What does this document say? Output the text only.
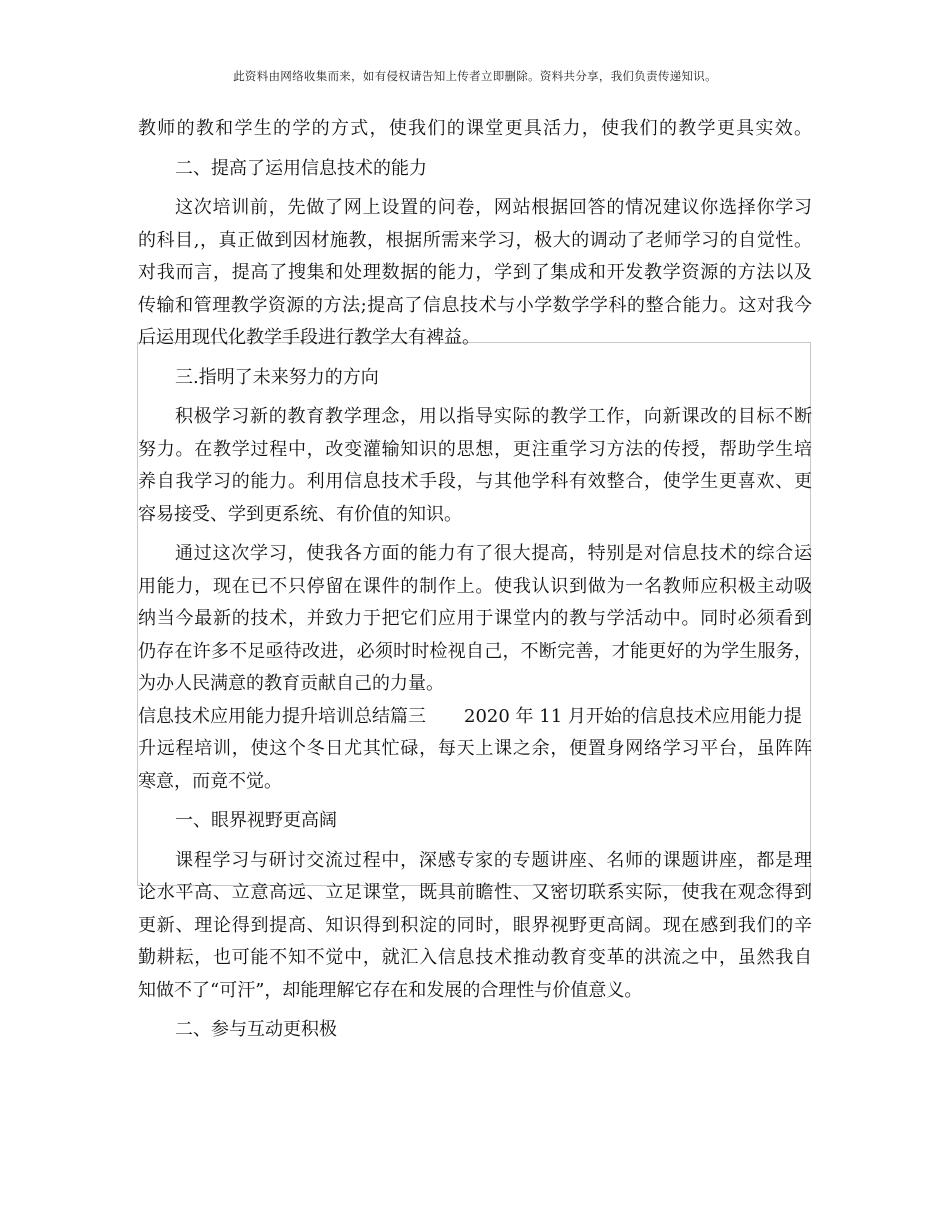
此资料由网络收集而来，如有侵权请告知上传者立即删除。资料共分享，我们负责传递知识。
教师的教和学生的学的方式，使我们的课堂更具活力，使我们的教学更具实效。
二、提高了运用信息技术的能力
这次培训前，先做了网上设置的问卷，网站根据回答的情况建议你选择你学习
的科目,，真正做到因材施教，根据所需来学习，极大的调动了老师学习的自觉性。
对我而言，提高了搜集和处理数据的能力，学到了集成和开发教学资源的方法以及
传输和管理教学资源的方法;提高了信息技术与小学数学学科的整合能力。这对我今
后运用现代化教学手段进行教学大有裨益。
三.指明了未来努力的方向
积极学习新的教育教学理念，用以指导实际的教学工作，向新课改的目标不断
努力。在教学过程中，改变灌输知识的思想，更注重学习方法的传授，帮助学生培
养自我学习的能力。利用信息技术手段，与其他学科有效整合，使学生更喜欢、更
容易接受、学到更系统、有价值的知识。
通过这次学习，使我各方面的能力有了很大提高，特别是对信息技术的综合运
用能力，现在已不只停留在课件的制作上。使我认识到做为一名教师应积极主动吸
纳当今最新的技术，并致力于把它们应用于课堂内的教与学活动中。同时必须看到
仍存在许多不足亟待改进，必须时时检视自己，不断完善，才能更好的为学生服务，
为办人民满意的教育贡献自己的力量。
信息技术应用能力提升培训总结篇三 2020 年 11 月开始的信息技术应用能力提
升远程培训，使这个冬日尤其忙碌，每天上课之余，便置身网络学习平台，虽阵阵
寒意，而竟不觉。
一、眼界视野更高阔
课程学习与研讨交流过程中，深感专家的专题讲座、名师的课题讲座，都是理
论水平高、立意高远、立足课堂，既具前瞻性、又密切联系实际，使我在观念得到
更新、理论得到提高、知识得到积淀的同时，眼界视野更高阔。现在感到我们的辛
勤耕耘，也可能不知不觉中，就汇入信息技术推动教育变革的洪流之中，虽然我自
知做不了“可汗”，却能理解它存在和发展的合理性与价值意义。
二、参与互动更积极
